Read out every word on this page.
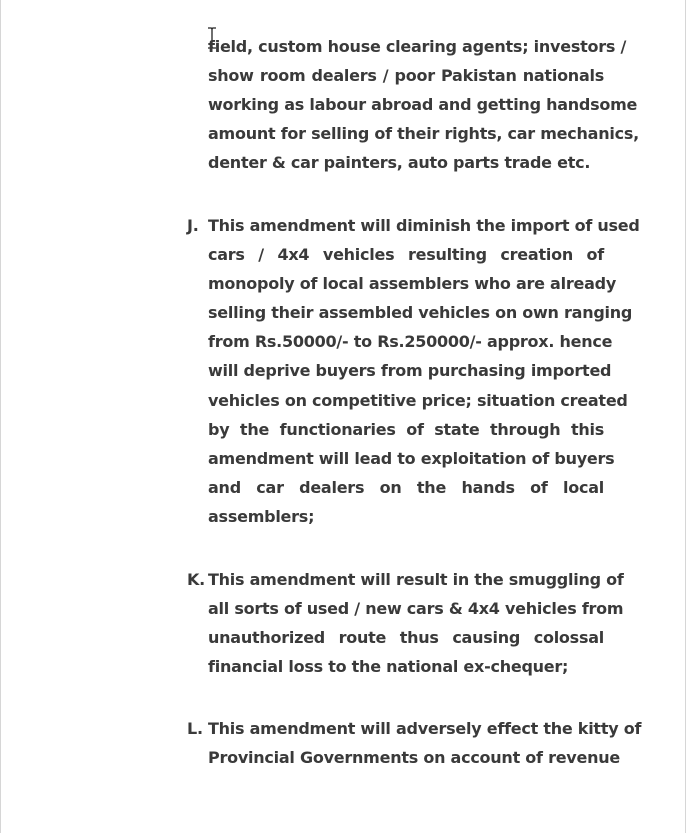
field, custom house clearing agents; investors /
show room dealers / poor Pakistan nationals
working as labour abroad and getting handsome
amount for selling of their rights, car mechanics,
denter & car painters, auto parts trade etc.
J. This amendment will diminish the import of used
cars / 4x4 vehicles resulting creation of
monopoly of local assemblers who are already
selling their assembled vehicles on own ranging
from Rs.50000/- to Rs.250000/- approx. hence
will deprive buyers from purchasing imported
vehicles on competitive price; situation created
by the functionaries of state through this
amendment will lead to exploitation of buyers
and car dealers on the hands of local
assemblers;
K. This amendment will result in the smuggling of
all sorts of used / new cars & 4x4 vehicles from
unauthorized route thus causing colossal
financial loss to the national ex-chequer;
L. This amendment will adversely effect the kitty of
Provincial Governments on account of revenue
